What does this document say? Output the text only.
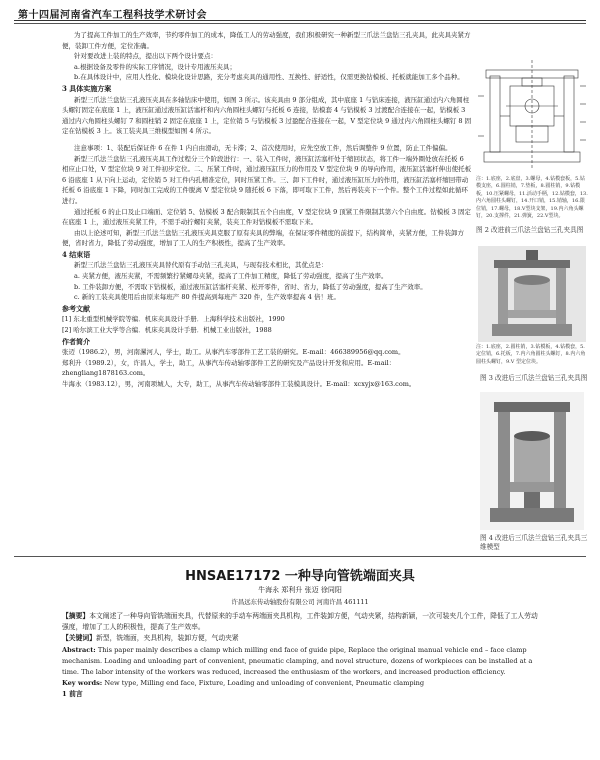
第十四届河南省汽车工程科技学术研讨会

为了提高工件加工的生产效率，节约零件加工的成本，降低工人的劳动强度，我们积极研究一种新型三爪法兰盘钻三孔夹具，此夹具夹紧方便，装卸工件方便，定位准确。

针对要改进上装的特点，提出以下两个设计要点：

a.根据设备及零件的实际工序情况，设计专用液压夹具；

b.在具体设计中，应用人性化、模块化设计思路，充分考虑夹具的通用性、互换性、舒适性，仅需更换钻模板、托板就能加工多个品种。

3 具体实施方案

新型三爪法兰盘钻三孔液压夹具在多轴钻床中使用，如图 3 所示。该夹具由 9 部分组成，其中底座 1 与钻床连接，液压缸通过内六角圆柱头螺钉固定在底座 1 上，液压缸通过液压缸活塞杆和内六角圆柱头螺钉与托板 6 连接，钻模套 4 与钻模板 3 过渡配合连接在一起，钻模板 3 通过内六角圆柱头螺钉 7 和圆柱销 2 固定在底座 1 上，定位销 5 与钻模板 3 过盈配合连接在一起，V 型定位块 9 通过内六角圆柱头螺钉 8 固定在钻模板 3 上。该工装夹具三维模型如图 4 所示。

注意事项：1、装配后保证件 6 在件 1 内自由滑动，无卡滞；2、首次使用时，应先空放工件，然后调整件 9 位置，防止工件偏偏。

新型三爪法兰盘钻三孔液压夹具工作过程分三个阶段进行：一、装入工件时，液压缸活塞杆处于缩回状态，将工件一端外圈处放在托板 6 相应止口处，V 型定位块 9 对工件初步定位。二、压紧工件时，通过液压缸压力的作用及 V 型定位块 9 的导向作用，液压缸活塞杆伸出使托板 6 沿底座 1 从下向上运动，定位销 5 对工件内孔精准定位，同时压紧工件。三、卸下工件时，通过液压缸压力的作用，液压缸活塞杆缩回带动托板 6 沿底座 1 下降，同时加工完成的工件脱离 V 型定位块 9 随托板 6 下落，即可取下工件，然后再装夹下一个件。整个工件过程如此循环进行。

通过托板 6 的止口及止口端面、定位销 5、钻模板 3 配合限制其五个自由度，V 型定位块 9 顶紧工件限制其第六个自由度。钻模板 3 固定在底座 1 上，通过液压夹紧工件，不需手动拧螺钉夹紧，装夹工件对钻模板不需取下来。

由以上论述可知，新型三爪法兰盘钻三孔液压夹具克服了原有夹具的弊端，在保证零件精度的前提下，结构简单，夹紧方便，工件装卸方便，省时省力，降低了劳动强度，增加了工人的生产积极性，提高了生产效率。

4 结束语

新型三爪法兰盘钻三孔液压夹具替代原有手动钻三孔夹具，与现有技术相比，其优点是：

a. 夹紧方便，液压夹紧，不需频繁拧紧螺母夹紧，提高了工件加工精度，降低了劳动强度，提高了生产效率。

b. 工件装卸方便，不需取下钻模板，通过液压缸活塞杆夹紧、松开零件，省时、省力，降低了劳动强度，提高了生产效率。

c. 新的工装夹具使用后由原来每班产 80 件提高到每班产 320 件，生产效率提高 4 倍！班。

参考文献

[1] 东北重型机械学院等编．机床夹具设计手册．上海科学技术出版社，1990

[2] 哈尔滨工业大学等合编．机床夹具设计手册．机械工业出版社，1988

作者简介

张迈（1986.2），男，河南漯河人，学士，助工。从事汽车零部件工艺工装的研究。E-mail：466389956@qq.com。

郑利升（1989.2），女，许昌人，学士，助工，从事汽车传动轴零部件工艺的研究及产品设计开发和应用。E-mail：zhengliang1878163.com。

牛海永（1983.12），男，河南项城人，大专，助工，从事汽车传动轴零部件工装模具设计。E-mail：xcxyjx@163.com。

注：1.底座，2.底盘，3.螺母，4.钻模套板，5.钻模支座，6.圆柱销，7.垫板，8.圆柱销，9.钻模板，10.压紧螺母，11.活动手柄，12.钻模套，13.内六角圆柱头螺钉，14.开口销，15.销轴，16.限位销，17.螺母，18.V型块支架，19.内六角头螺钉，20.支撑件，21.弹簧，22.V型块。
图 2 改进前三爪法兰盘钻三孔夹具图
注：1.底座，2.圆柱销，3.钻模板，4.钻模套，5.定位销，6.托板，7.内六角圆柱头螺钉，8.内六角圆柱头螺钉，9.V 型定位块。
图 3 改进后三爪法兰盘钻三孔夹具图
图 4 改进后三爪法兰盘钻三孔夹具三维模型
HNSAE17172 一种导向管铣端面夹具
牛海永 郑利升 张迈 徐同阳
许昌远东传动轴股份有限公司 河南许昌 461111

【摘要】本文阐述了一种导向管铣端面夹具，代替原来的手动车两端面夹具机构，工件装卸方便，气动夹紧，结构新颖，一次可装夹几个工件，降低了工人劳动强度，增加了工人的积极性，提高了生产效率。

【关键词】新型，铣端面，夹具机构，装卸方便，气动夹紧

Abstract: This paper mainly describes a clamp which milling end face of guide pipe, Replace the original manual vehicle end – face clamp mechanism. Loading and unloading part of convenient, pneumatic clamping, and novel structure, dozens of workpieces can be installed at a time. The labor intensity of the workers was reduced, increased the enthusiasm of the workers, and increased production efficiency.

Key words: New type, Milling end face, Fixture, Loading and unloading of convenient, Pneumatic clamping

1 前言
